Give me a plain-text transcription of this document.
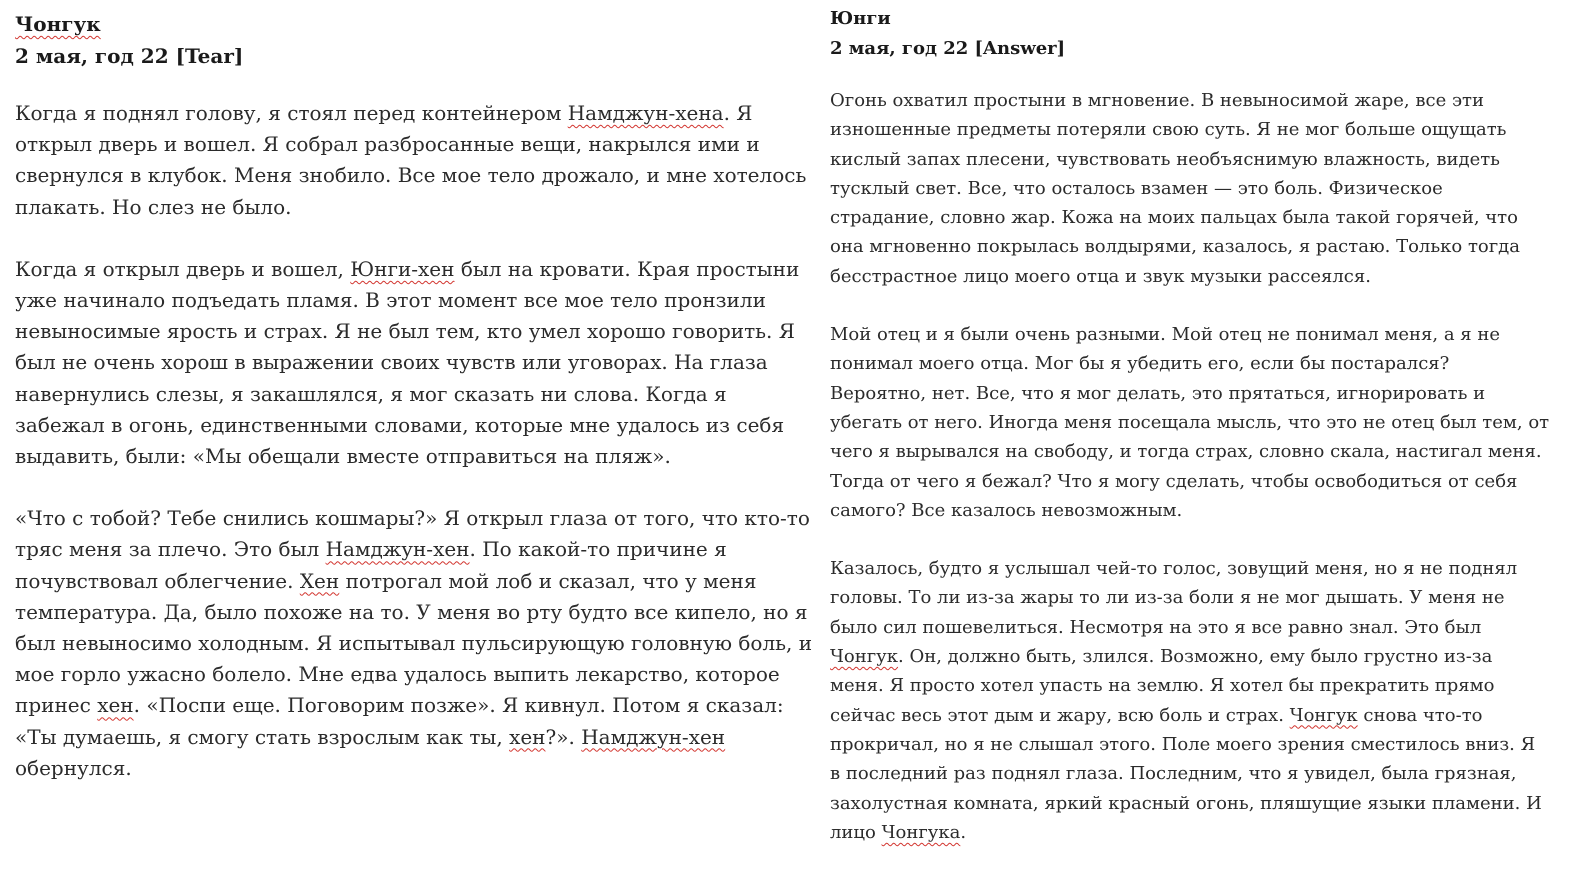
Чонгук
2 мая, год 22 [Tear]

Когда я поднял голову, я стоял перед контейнером Намджун-хена. Я открыл дверь и вошел. Я собрал разбросанные вещи, накрылся ими и свернулся в клубок. Меня знобило. Все мое тело дрожало, и мне хотелось плакать. Но слез не было.

Когда я открыл дверь и вошел, Юнги-хен был на кровати. Края простыни уже начинало подъедать пламя. В этот момент все мое тело пронзили невыносимые ярость и страх. Я не был тем, кто умел хорошо говорить. Я был не очень хорош в выражении своих чувств или уговорах. На глаза навернулись слезы, я закашлялся, я мог сказать ни слова. Когда я забежал в огонь, единственными словами, которые мне удалось из себя выдавить, были: «Мы обещали вместе отправиться на пляж».

«Что с тобой? Тебе снились кошмары?» Я открыл глаза от того, что кто-то тряс меня за плечо. Это был Намджун-хен. По какой-то причине я почувствовал облегчение. Хен потрогал мой лоб и сказал, что у меня температура. Да, было похоже на то. У меня во рту будто все кипело, но я был невыносимо холодным. Я испытывал пульсирующую головную боль, и мое горло ужасно болело. Мне едва удалось выпить лекарство, которое принес хен. «Поспи еще. Поговорим позже». Я кивнул. Потом я сказал: «Ты думаешь, я смогу стать взрослым как ты, хен?». Намджун-хен обернулся.

Юнги
2 мая, год 22 [Answer]

Огонь охватил простыни в мгновение. В невыносимой жаре, все эти изношенные предметы потеряли свою суть. Я не мог больше ощущать кислый запах плесени, чувствовать необъяснимую влажность, видеть тусклый свет. Все, что осталось взамен — это боль. Физическое страдание, словно жар. Кожа на моих пальцах была такой горячей, что она мгновенно покрылась волдырями, казалось, я растаю. Только тогда бесстрастное лицо моего отца и звук музыки рассеялся.

Мой отец и я были очень разными. Мой отец не понимал меня, а я не понимал моего отца. Мог бы я убедить его, если бы постарался? Вероятно, нет. Все, что я мог делать, это прятаться, игнорировать и убегать от него. Иногда меня посещала мысль, что это не отец был тем, от чего я вырывался на свободу, и тогда страх, словно скала, настигал меня. Тогда от чего я бежал? Что я могу сделать, чтобы освободиться от себя самого? Все казалось невозможным.

Казалось, будто я услышал чей-то голос, зовущий меня, но я не поднял головы. То ли из-за жары то ли из-за боли я не мог дышать. У меня не было сил пошевелиться. Несмотря на это я все равно знал. Это был Чонгук. Он, должно быть, злился. Возможно, ему было грустно из-за меня. Я просто хотел упасть на землю. Я хотел бы прекратить прямо сейчас весь этот дым и жару, всю боль и страх. Чонгук снова что-то прокричал, но я не слышал этого. Поле моего зрения сместилось вниз. Я в последний раз поднял глаза. Последним, что я увидел, была грязная, захолустная комната, яркий красный огонь, пляшущие языки пламени. И лицо Чонгука.
